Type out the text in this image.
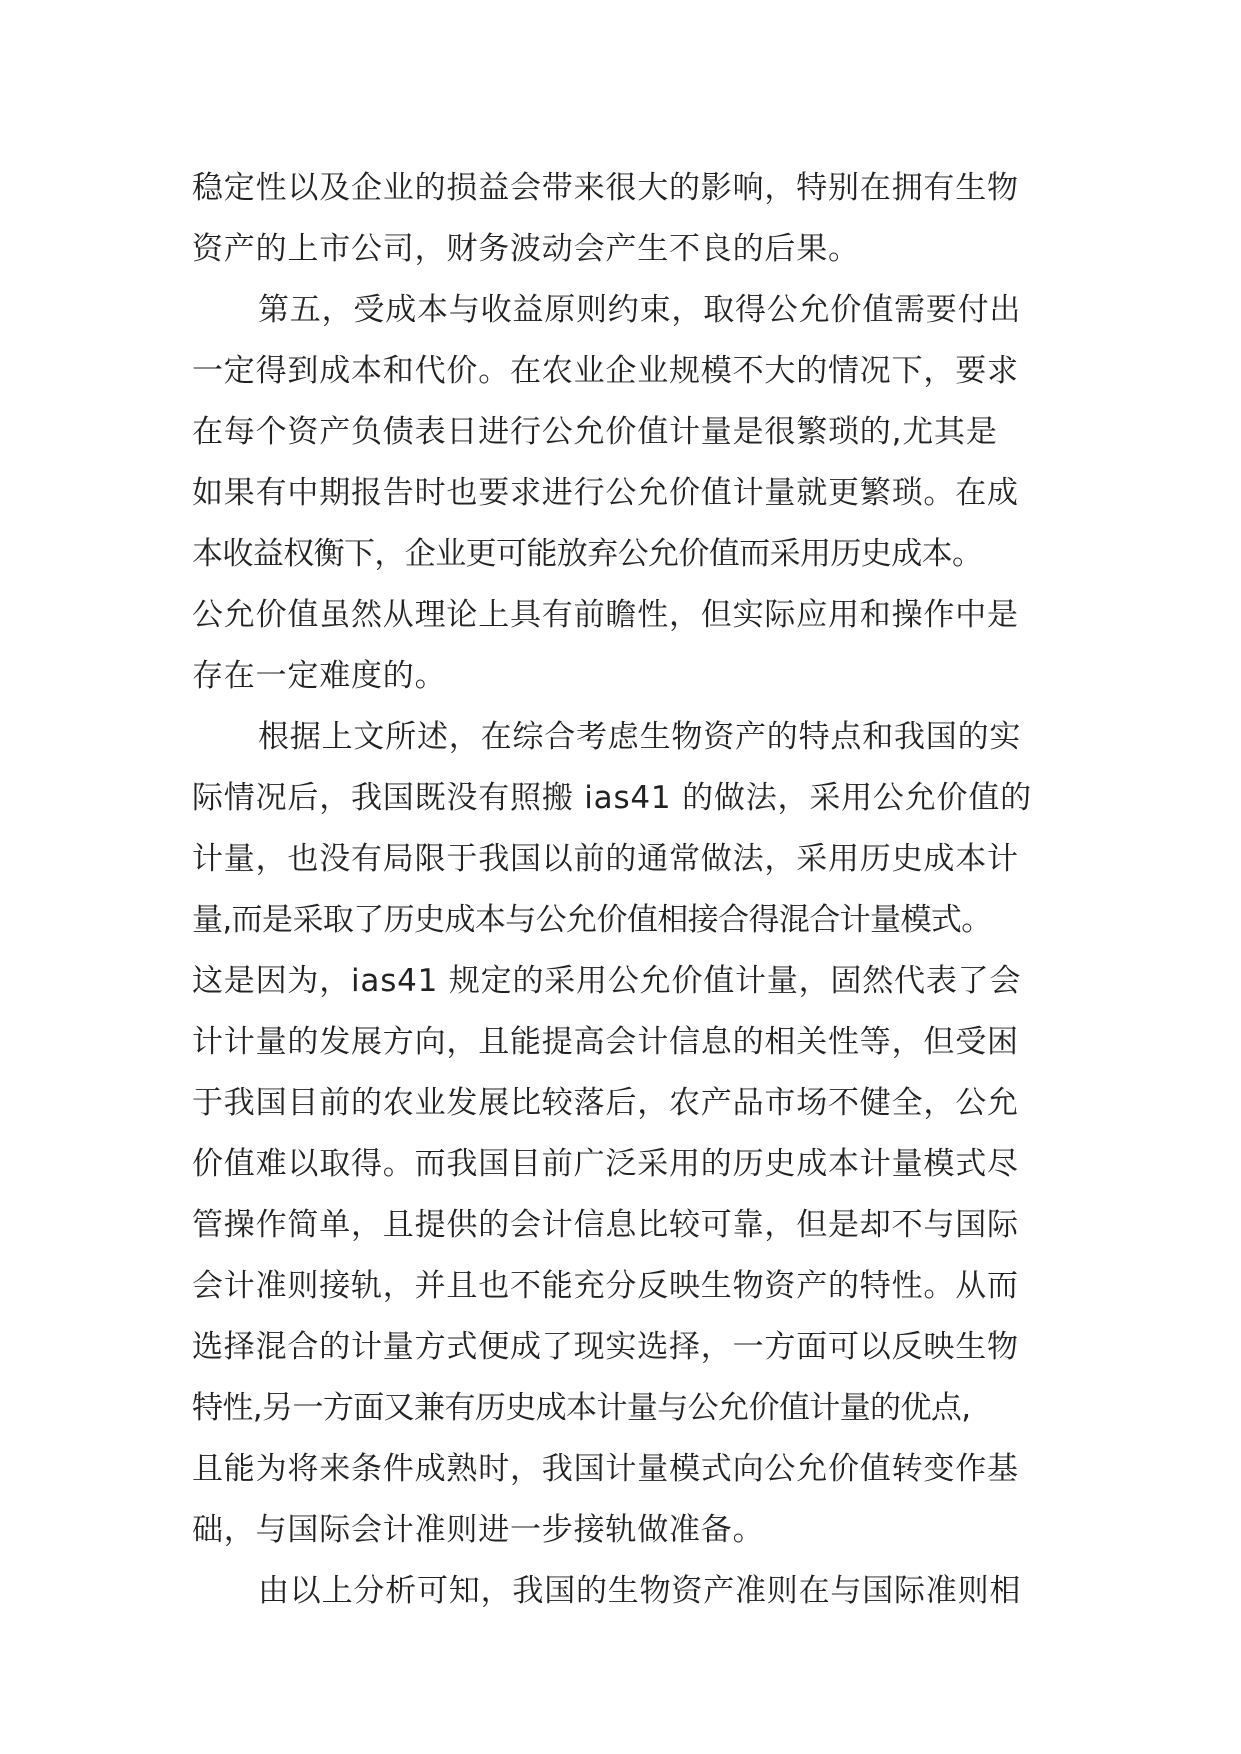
稳定性以及企业的损益会带来很大的影响，特别在拥有生物
资产的上市公司，财务波动会产生不良的后果。
第五，受成本与收益原则约束，取得公允价值需要付出
一定得到成本和代价。在农业企业规模不大的情况下，要求
在每个资产负债表日进行公允价值计量是很繁琐的,尤其是
如果有中期报告时也要求进行公允价值计量就更繁琐。在成
本收益权衡下，企业更可能放弃公允价值而采用历史成本。
公允价值虽然从理论上具有前瞻性，但实际应用和操作中是
存在一定难度的。
根据上文所述，在综合考虑生物资产的特点和我国的实
际情况后，我国既没有照搬 ias41 的做法，采用公允价值的
计量，也没有局限于我国以前的通常做法，采用历史成本计
量,而是采取了历史成本与公允价值相接合得混合计量模式。
这是因为，ias41 规定的采用公允价值计量，固然代表了会
计计量的发展方向，且能提高会计信息的相关性等，但受困
于我国目前的农业发展比较落后，农产品市场不健全，公允
价值难以取得。而我国目前广泛采用的历史成本计量模式尽
管操作简单，且提供的会计信息比较可靠，但是却不与国际
会计准则接轨，并且也不能充分反映生物资产的特性。从而
选择混合的计量方式便成了现实选择，一方面可以反映生物
特性,另一方面又兼有历史成本计量与公允价值计量的优点,
且能为将来条件成熟时，我国计量模式向公允价值转变作基
础，与国际会计准则进一步接轨做准备。
由以上分析可知，我国的生物资产准则在与国际准则相
